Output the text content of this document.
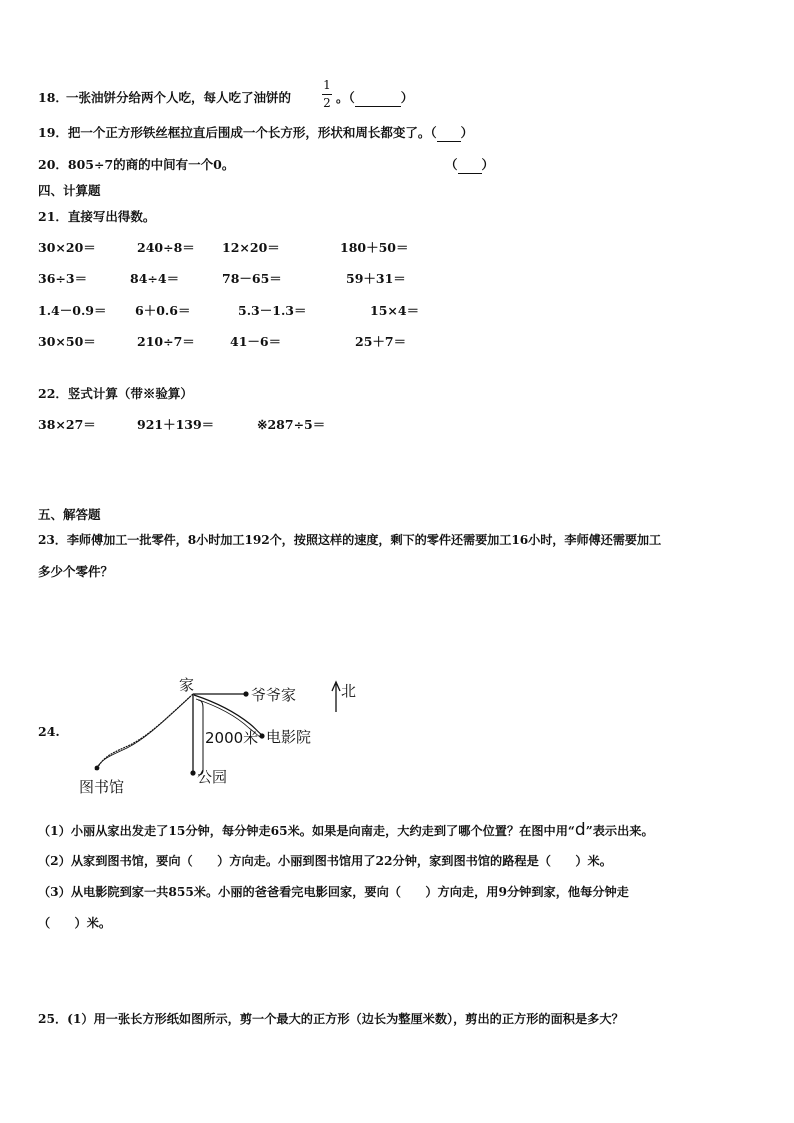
18．
一张油饼分给两个人吃，每人吃了油饼的
1
2 。（	）
19．把一个正方形铁丝框拉直后围成一个长方形，形状和周长都变了。（ ）
20．805÷7的商的中间有一个0。	（ ）
四、计算题
21．直接写出得数。
30×20＝	240÷8＝ 12×20＝	180＋50＝
36÷3＝	84÷4＝	78－65＝	59＋31＝
1.4－0.9＝ 6＋0.6＝	5.3－1.3＝	15×4＝
30×50＝	210÷7＝	41－6＝	25＋7＝
22．竖式计算（带※验算）
38×27＝	921＋139＝	※287÷5＝
五、解答题
23．李师傅加工一批零件，8小时加工192个，按照这样的速度，剩下的零件还需要加工16小时，李师傅还需要加工
多少个零件？
24.
家
爷爷家	北
2000米 电影院
公园
图书馆
（1）小丽从家出发走了15分钟，每分钟走65米。如果是向南走，大约走到了哪个位置？在图中用“d”表示出来。
（2）从家到图书馆，要向（　　）方向走。小丽到图书馆用了22分钟，家到图书馆的路程是（　　）米。
（3）从电影院到家一共855米。小丽的爸爸看完电影回家，要向（　　）方向走，用9分钟到家，他每分钟走
（　　）米。
25．(1）用一张长方形纸如图所示，剪一个最大的正方形（边长为整厘米数），剪出的正方形的面积是多大？
